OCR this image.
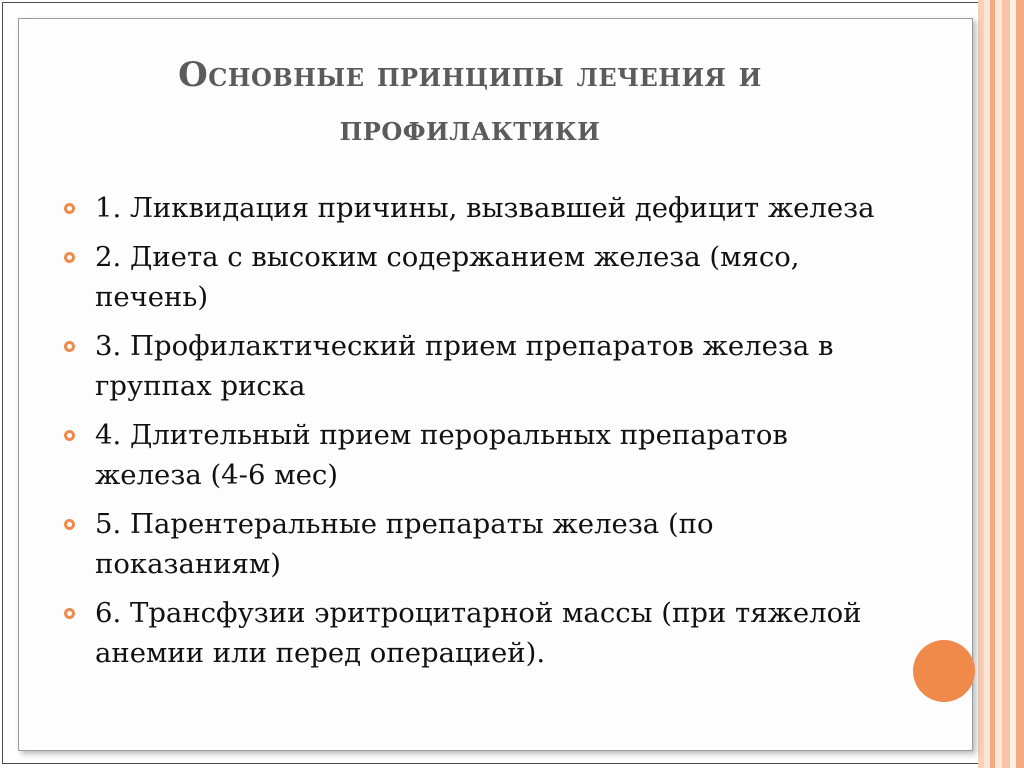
Основные принципы лечения и
профилактики
1. Ликвидация причины, вызвавшей дефицит железа
2. Диета с высоким содержанием железа (мясо, печень)
3. Профилактический прием препаратов железа в группах риска
4. Длительный прием пероральных препаратов железа (4-6 мес)
5. Парентеральные препараты железа (по показаниям)
6. Трансфузии эритроцитарной массы (при тяжелой анемии или перед операцией).
